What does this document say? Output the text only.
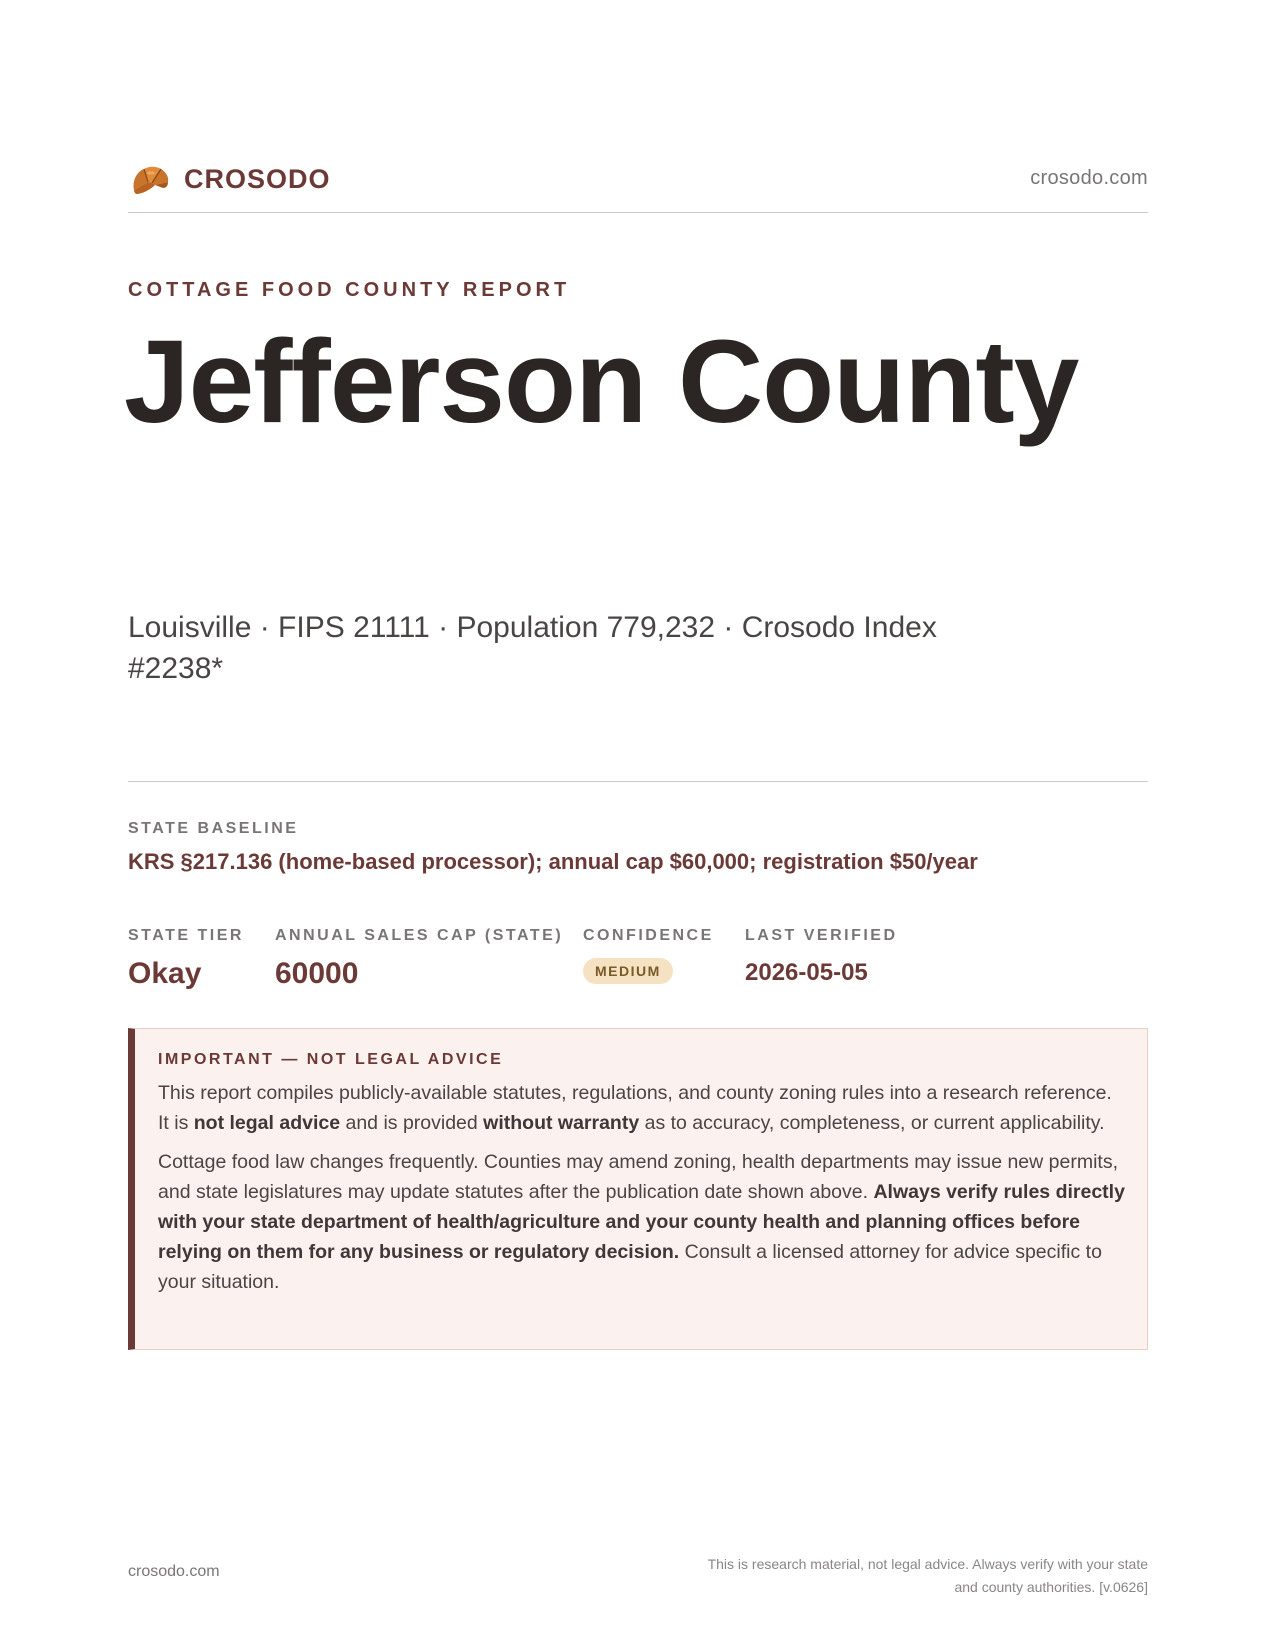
CROSODO	crosodo.com
COTTAGE FOOD COUNTY REPORT
Jefferson County
Louisville · FIPS 21111 · Population 779,232 · Crosodo Index #2238*
STATE BASELINE
KRS §217.136 (home-based processor); annual cap $60,000; registration $50/year
STATE TIER
Okay
ANNUAL SALES CAP (STATE)
60000
CONFIDENCE
MEDIUM
LAST VERIFIED
2026-05-05
IMPORTANT — NOT LEGAL ADVICE

This report compiles publicly-available statutes, regulations, and county zoning rules into a research reference. It is not legal advice and is provided without warranty as to accuracy, completeness, or current applicability.

Cottage food law changes frequently. Counties may amend zoning, health departments may issue new permits, and state legislatures may update statutes after the publication date shown above. Always verify rules directly with your state department of health/agriculture and your county health and planning offices before relying on them for any business or regulatory decision. Consult a licensed attorney for advice specific to your situation.

crosodo.com	This is research material, not legal advice. Always verify with your state
and county authorities. [v.0626]
